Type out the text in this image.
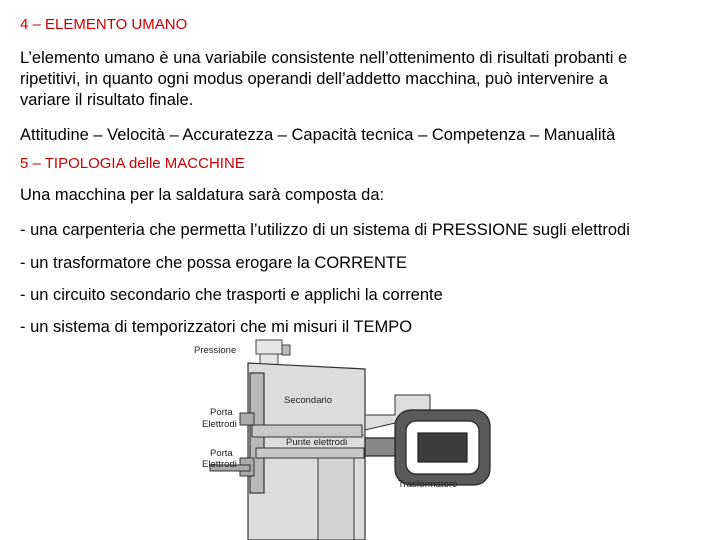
4 – ELEMENTO UMANO

L’elemento umano è una variabile consistente nell’ottenimento di risultati probanti e
ripetitivi, in quanto ogni modus operandi dell’addetto macchina, può intervenire a
variare il risultato finale.

Attitudine – Velocità – Accuratezza – Capacità tecnica – Competenza – Manualità

5 – TIPOLOGIA delle MACCHINE

Una macchina per la saldatura sarà composta da:

- una carpenteria che permetta l’utilizzo di un sistema di PRESSIONE sugli elettrodi

- un trasformatore che possa erogare la CORRENTE

- un circuito secondario che trasporti e applichi la corrente

- un sistema di temporizzatori che mi misuri il TEMPO

Pressione
Secondario
Porta
Elettrodi
Punte elettrodi
Porta
Elettrodi
Trasformatore
